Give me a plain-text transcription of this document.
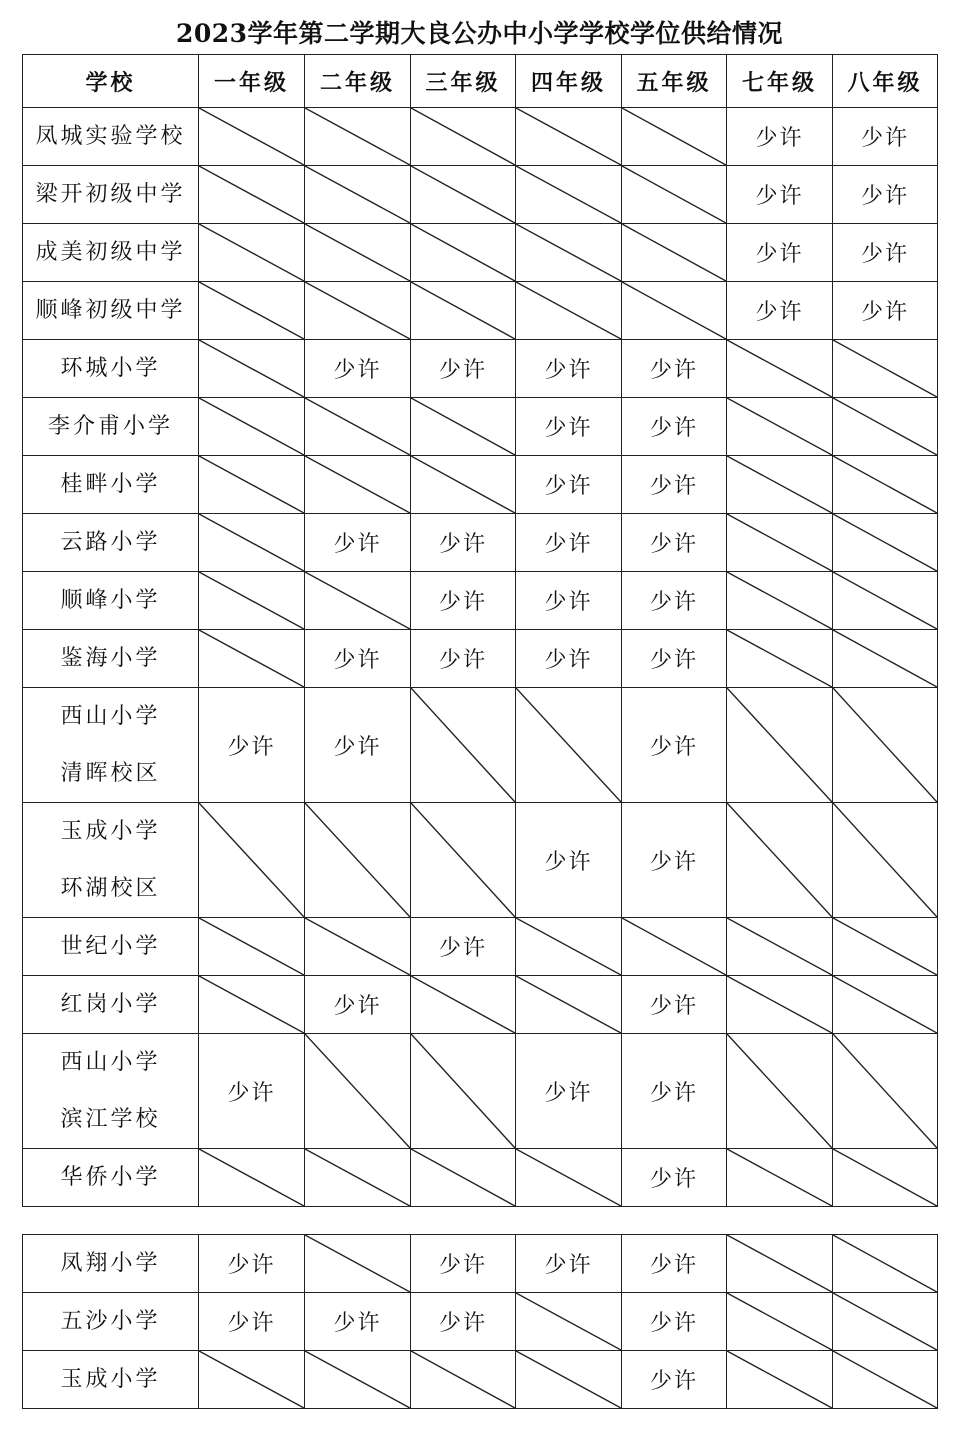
2023学年第二学期大良公办中小学学校学位供给情况
学校	一年级	二年级	三年级	四年级	五年级	七年级	八年级

凤城实验学校						少许	少许

梁开初级中学						少许	少许

成美初级中学						少许	少许

顺峰初级中学						少许	少许

环城小学		少许	少许	少许	少许	

李介甫小学				少许	少许	

桂畔小学				少许	少许	

云路小学		少许	少许	少许	少许	

顺峰小学			少许	少许	少许	

鉴海小学		少许	少许	少许	少许	

西山小学
清晖校区	少许	少许			少许	

玉成小学
环湖校区				少许	少许	

世纪小学			少许	

红岗小学		少许			少许	

西山小学
滨江学校	少许			少许	少许	

华侨小学					少许	

凤翔小学	少许		少许	少许	少许	

五沙小学	少许	少许	少许		少许	

玉成小学					少许	
